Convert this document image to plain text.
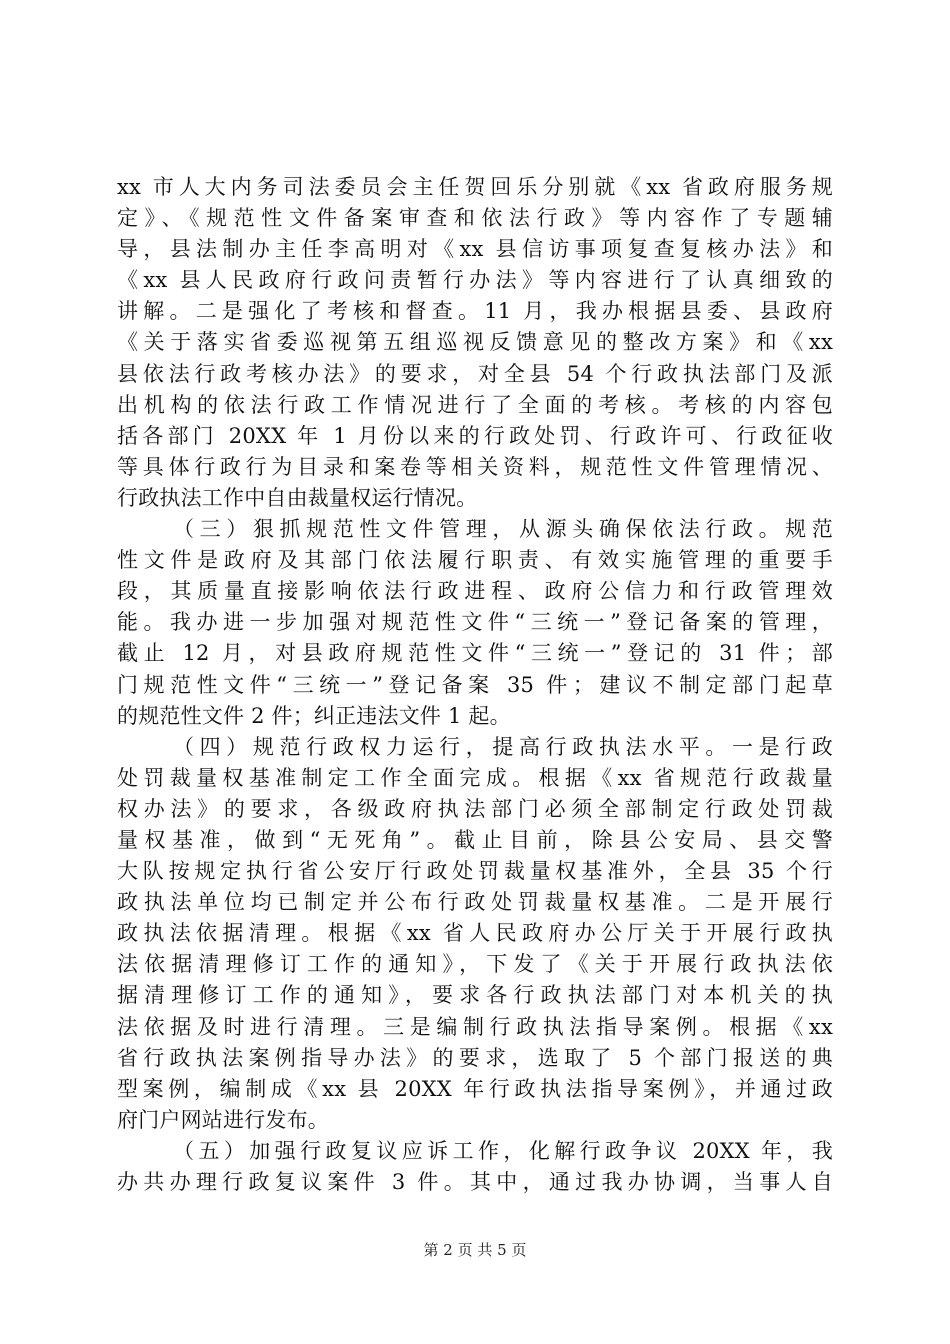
xx 市人大内务司法委员会主任贺回乐分别就《xx 省政府服务规
定》、《规范性文件备案审查和依法行政》等内容作了专题辅
导，县法制办主任李高明对《xx 县信访事项复查复核办法》和
《xx 县人民政府行政问责暂行办法》等内容进行了认真细致的
讲解。二是强化了考核和督查。11 月，我办根据县委、县政府
《关于落实省委巡视第五组巡视反馈意见的整改方案》和《xx
县依法行政考核办法》的要求，对全县 54 个行政执法部门及派
出机构的依法行政工作情况进行了全面的考核。考核的内容包
括各部门 20XX 年 1 月份以来的行政处罚、行政许可、行政征收
等具体行政行为目录和案卷等相关资料，规范性文件管理情况、
行政执法工作中自由裁量权运行情况。
（三）狠抓规范性文件管理，从源头确保依法行政。规范
性文件是政府及其部门依法履行职责、有效实施管理的重要手
段，其质量直接影响依法行政进程、政府公信力和行政管理效
能。我办进一步加强对规范性文件“三统一”登记备案的管理，
截止 12 月，对县政府规范性文件“三统一”登记的 31 件；部
门规范性文件“三统一”登记备案 35 件；建议不制定部门起草
的规范性文件 2 件；纠正违法文件 1 起。
（四）规范行政权力运行，提高行政执法水平。一是行政
处罚裁量权基准制定工作全面完成。根据《xx 省规范行政裁量
权办法》的要求，各级政府执法部门必须全部制定行政处罚裁
量权基准，做到“无死角”。截止目前，除县公安局、县交警
大队按规定执行省公安厅行政处罚裁量权基准外，全县 35 个行
政执法单位均已制定并公布行政处罚裁量权基准。二是开展行
政执法依据清理。根据《xx 省人民政府办公厅关于开展行政执
法依据清理修订工作的通知》，下发了《关于开展行政执法依
据清理修订工作的通知》，要求各行政执法部门对本机关的执
法依据及时进行清理。三是编制行政执法指导案例。根据《xx
省行政执法案例指导办法》的要求，选取了 5 个部门报送的典
型案例，编制成《xx 县 20XX 年行政执法指导案例》，并通过政
府门户网站进行发布。
（五）加强行政复议应诉工作，化解行政争议 20XX 年，我
办共办理行政复议案件 3 件。其中，通过我办协调，当事人自
第 2 页 共 5 页
